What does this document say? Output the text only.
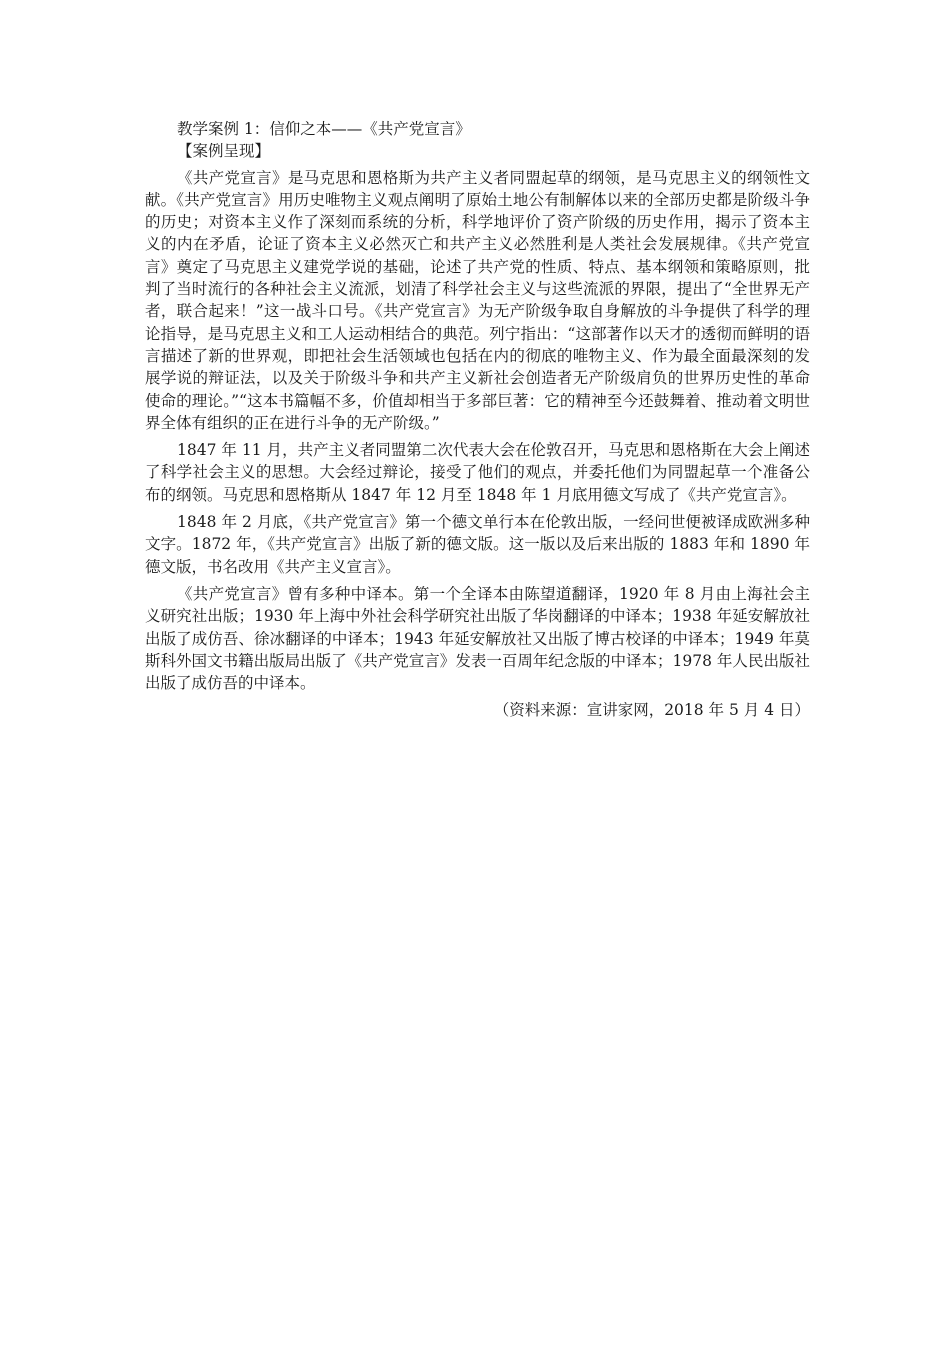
教学案例 1：信仰之本——《共产党宣言》
【案例呈现】

《共产党宣言》是马克思和恩格斯为共产主义者同盟起草的纲领，是马克思主义的纲领性文献。《共产党宣言》用历史唯物主义观点阐明了原始土地公有制解体以来的全部历史都是阶级斗争的历史；对资本主义作了深刻而系统的分析，科学地评价了资产阶级的历史作用，揭示了资本主义的内在矛盾，论证了资本主义必然灭亡和共产主义必然胜利是人类社会发展规律。《共产党宣言》奠定了马克思主义建党学说的基础，论述了共产党的性质、特点、基本纲领和策略原则，批判了当时流行的各种社会主义流派，划清了科学社会主义与这些流派的界限，提出了“全世界无产者，联合起来！”这一战斗口号。《共产党宣言》为无产阶级争取自身解放的斗争提供了科学的理论指导，是马克思主义和工人运动相结合的典范。列宁指出：“这部著作以天才的透彻而鲜明的语言描述了新的世界观，即把社会生活领域也包括在内的彻底的唯物主义、作为最全面最深刻的发展学说的辩证法，以及关于阶级斗争和共产主义新社会创造者无产阶级肩负的世界历史性的革命使命的理论。”“这本书篇幅不多，价值却相当于多部巨著：它的精神至今还鼓舞着、推动着文明世界全体有组织的正在进行斗争的无产阶级。”

1847 年 11 月，共产主义者同盟第二次代表大会在伦敦召开，马克思和恩格斯在大会上阐述了科学社会主义的思想。大会经过辩论，接受了他们的观点，并委托他们为同盟起草一个准备公布的纲领。马克思和恩格斯从 1847 年 12 月至 1848 年 1 月底用德文写成了《共产党宣言》。

1848 年 2 月底，《共产党宣言》第一个德文单行本在伦敦出版，一经问世便被译成欧洲多种文字。1872 年，《共产党宣言》出版了新的德文版。这一版以及后来出版的 1883 年和 1890 年德文版，书名改用《共产主义宣言》。

《共产党宣言》曾有多种中译本。第一个全译本由陈望道翻译，1920 年 8 月由上海社会主义研究社出版；1930 年上海中外社会科学研究社出版了华岗翻译的中译本；1938 年延安解放社出版了成仿吾、徐冰翻译的中译本；1943 年延安解放社又出版了博古校译的中译本；1949 年莫斯科外国文书籍出版局出版了《共产党宣言》发表一百周年纪念版的中译本；1978 年人民出版社出版了成仿吾的中译本。

（资料来源：宣讲家网，2018 年 5 月 4 日）
